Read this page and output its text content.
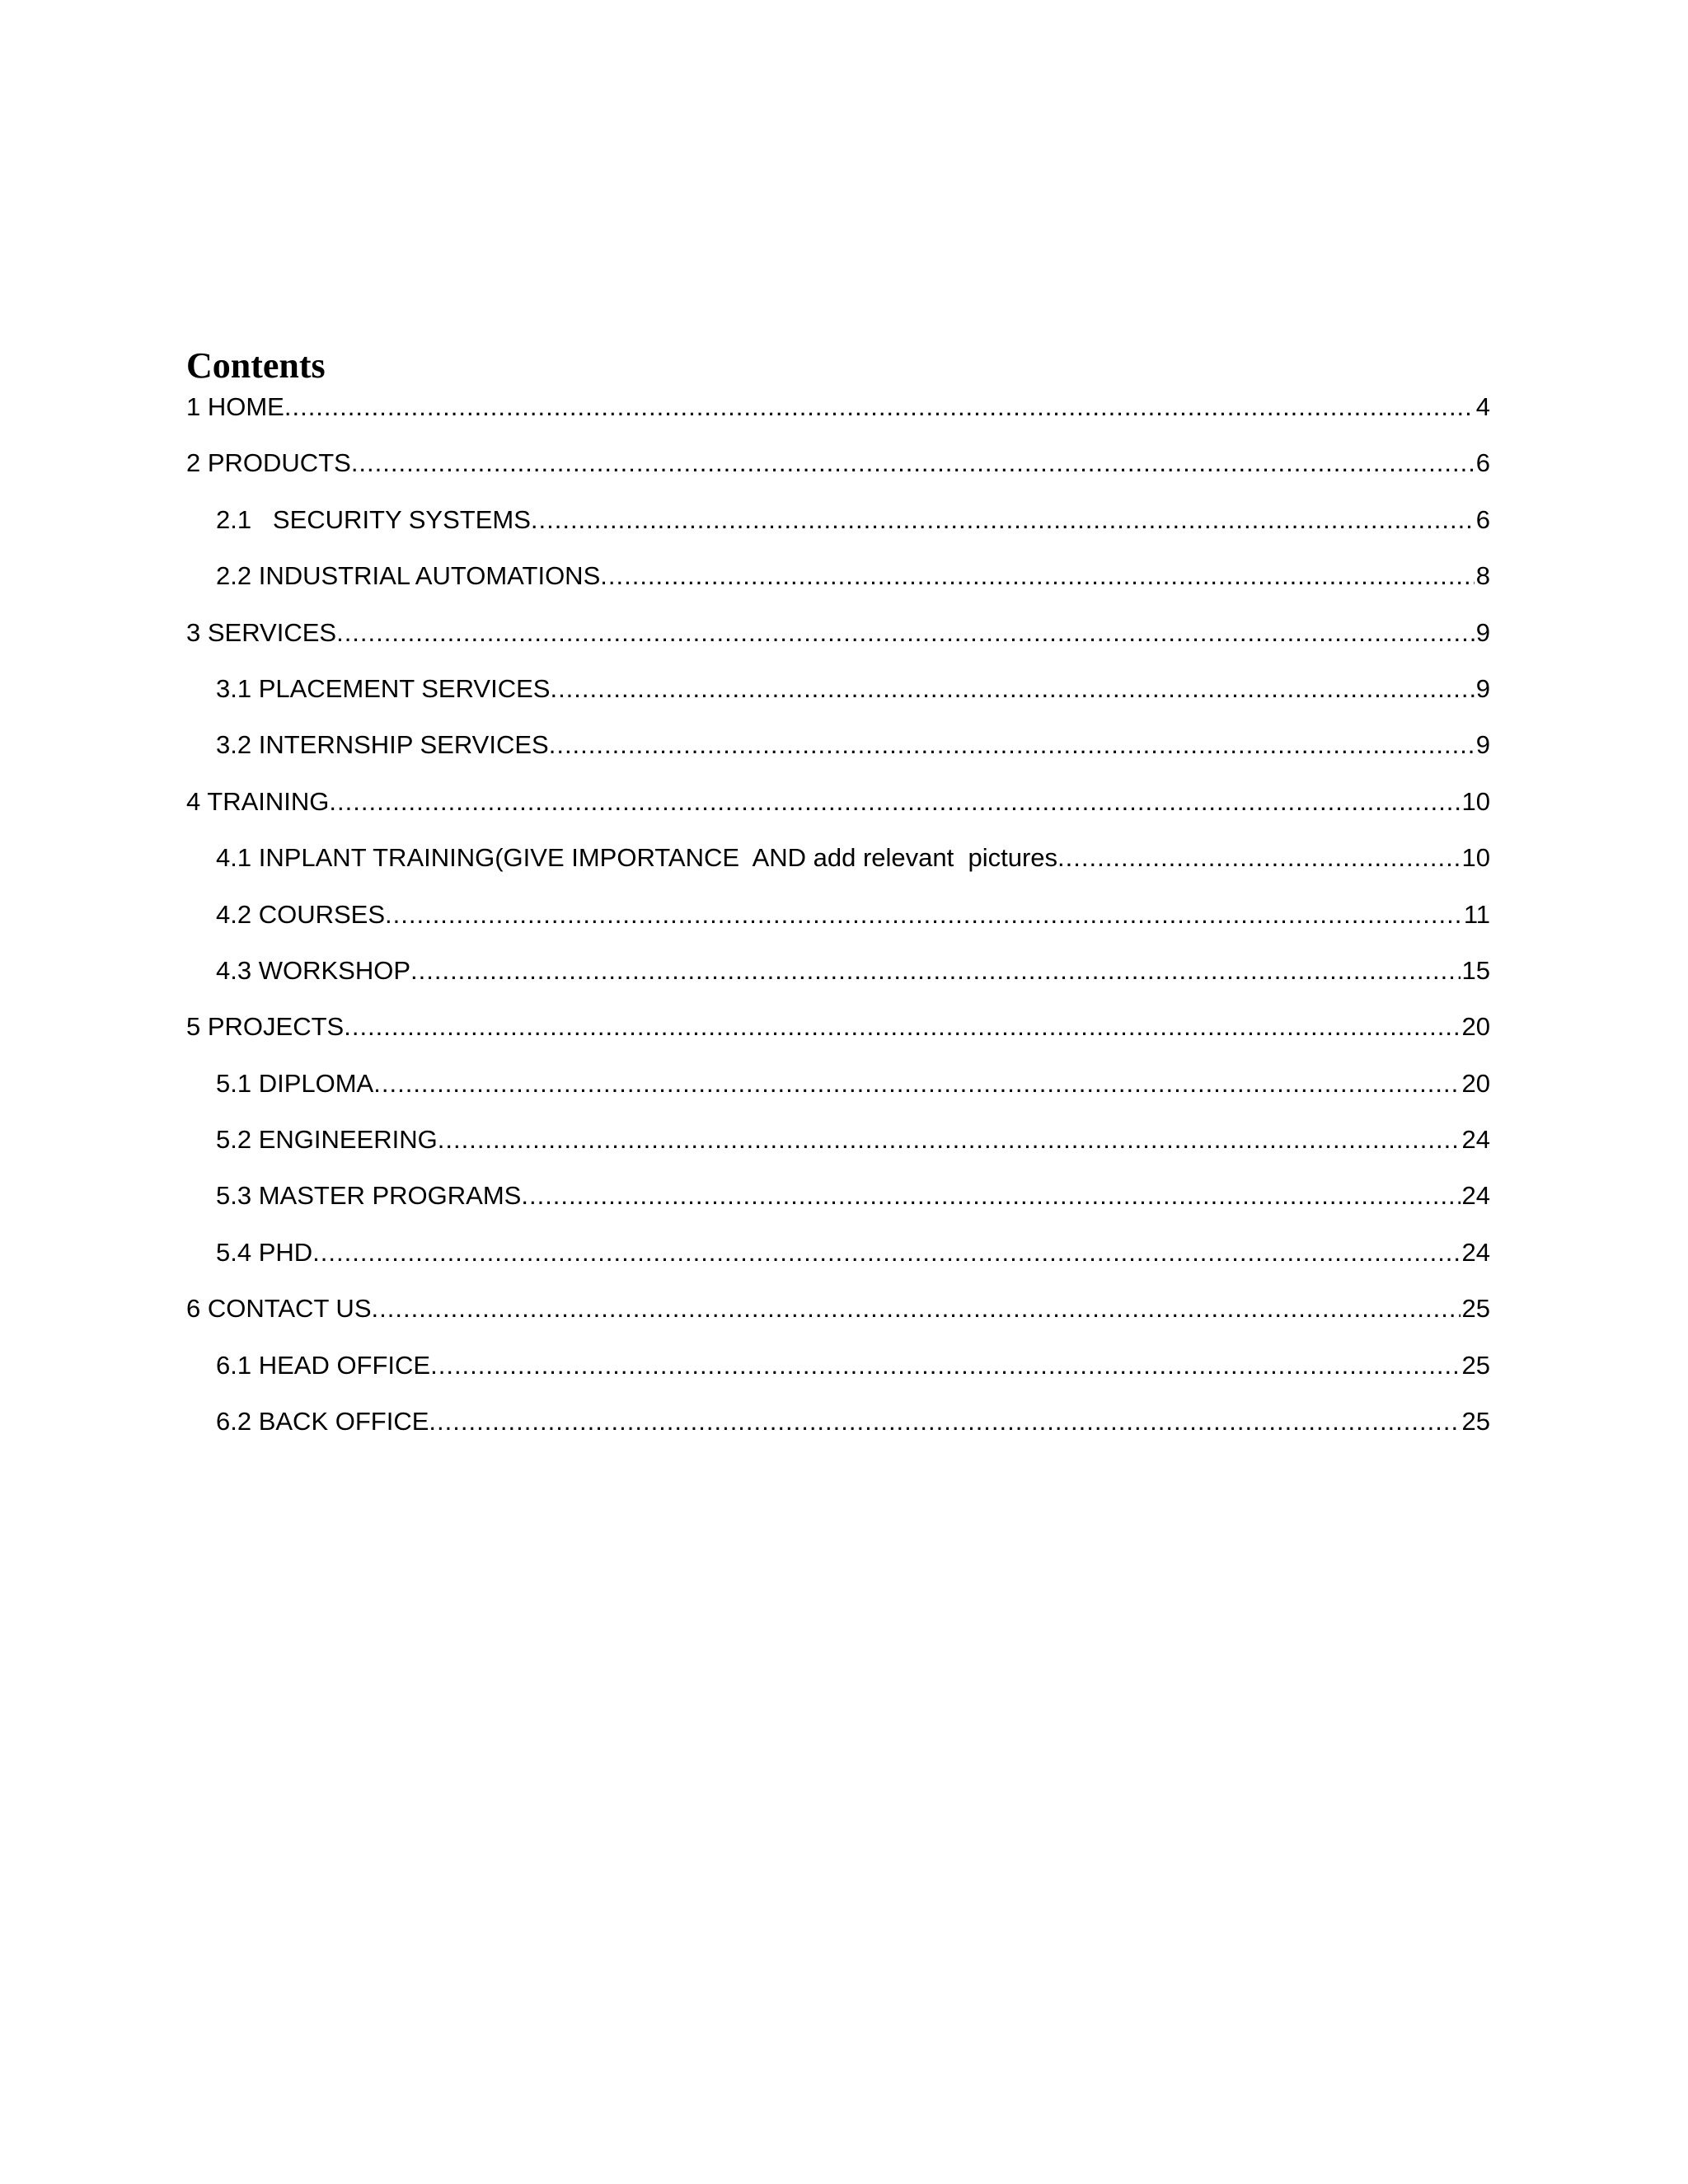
Contents
1 HOME .....	4
2 PRODUCTS .....	6
2.1   SECURITY SYSTEMS .....	6
2.2 INDUSTRIAL AUTOMATIONS .....	8
3 SERVICES .....	9
3.1 PLACEMENT SERVICES .....	9
3.2 INTERNSHIP SERVICES .....	9
4 TRAINING .....	10
4.1 INPLANT TRAINING(GIVE IMPORTANCE  AND add relevant  pictures .....	10
4.2 COURSES .....	11
4.3 WORKSHOP .....	15
5 PROJECTS .....	20
5.1 DIPLOMA .....	20
5.2 ENGINEERING .....	24
5.3 MASTER PROGRAMS .....	24
5.4 PHD .....	24
6 CONTACT US .....	25
6.1 HEAD OFFICE .....	25
6.2 BACK OFFICE .....	25
